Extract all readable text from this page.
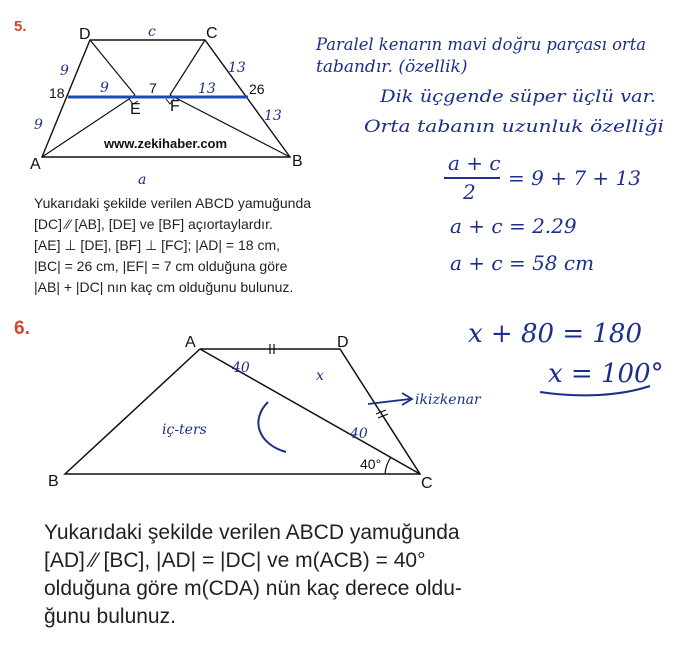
5.
6.

Yukarıdaki şekilde verilen ABCD yamuğunda
[DC] ⁄⁄ [AB], [DE] ve [BF] açıortaylardır.
[AE] ⊥ [DE], [BF] ⊥ [FC]; |AD| = 18 cm,
|BC| = 26 cm, |EF| = 7 cm olduğuna göre
|AB| + |DC| nın kaç cm olduğunu bulunuz.

Yukarıdaki şekilde verilen ABCD yamuğunda
[AD] ⁄⁄ [BC], |AD| = |DC| ve m(ACB) = 40°
olduğuna göre m(CDA) nün kaç derece oldu-
ğunu bulunuz.

www.zekihaber.com
D	C
A	B
E F
18	26
7
c
a
9
9
9
13
13
13
Paralel kenarın mavi doğru parçası orta
tabandır. (özellik)
Dik üçgende süper üçlü var.
Orta tabanın uzunluk özelliği
a + c
2
= 9 + 7 + 13
a + c = 2.29
a + c = 58 cm
A	D
B	C
40°
40	x
40
iç-ters
ikizkenar
x + 80 = 180
x = 100°
